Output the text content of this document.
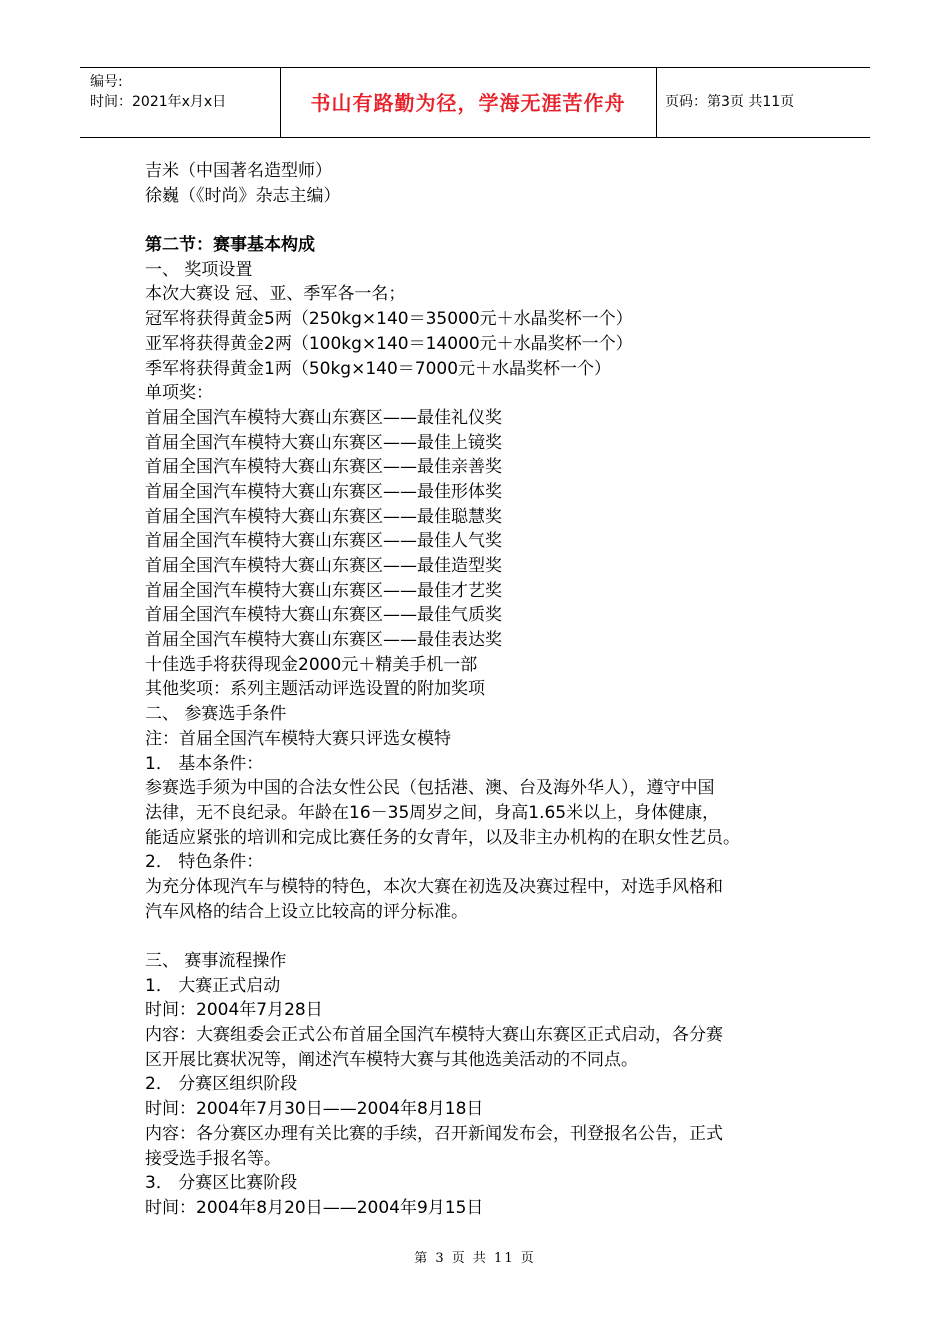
编号:
时间：2021年x月x日	书山有路勤为径，学海无涯苦作舟	页码：第3页 共11页
吉米（中国著名造型师）
徐巍（《时尚》杂志主编）
第二节：赛事基本构成
一、 奖项设置
本次大赛设 冠、亚、季军各一名；
冠军将获得黄金5两（250kg×140＝35000元＋水晶奖杯一个）
亚军将获得黄金2两（100kg×140＝14000元＋水晶奖杯一个）
季军将获得黄金1两（50kg×140＝7000元＋水晶奖杯一个）
单项奖：
首届全国汽车模特大赛山东赛区——最佳礼仪奖
首届全国汽车模特大赛山东赛区——最佳上镜奖
首届全国汽车模特大赛山东赛区——最佳亲善奖
首届全国汽车模特大赛山东赛区——最佳形体奖
首届全国汽车模特大赛山东赛区——最佳聪慧奖
首届全国汽车模特大赛山东赛区——最佳人气奖
首届全国汽车模特大赛山东赛区——最佳造型奖
首届全国汽车模特大赛山东赛区——最佳才艺奖
首届全国汽车模特大赛山东赛区——最佳气质奖
首届全国汽车模特大赛山东赛区——最佳表达奖
十佳选手将获得现金2000元＋精美手机一部
其他奖项：系列主题活动评选设置的附加奖项
二、 参赛选手条件
注：首届全国汽车模特大赛只评选女模特
1． 基本条件：
参赛选手须为中国的合法女性公民（包括港、澳、台及海外华人），遵守中国
法律，无不良纪录。年龄在16－35周岁之间，身高1.65米以上，身体健康，
能适应紧张的培训和完成比赛任务的女青年，以及非主办机构的在职女性艺员。
2． 特色条件：
为充分体现汽车与模特的特色，本次大赛在初选及决赛过程中，对选手风格和
汽车风格的结合上设立比较高的评分标准。
三、 赛事流程操作
1． 大赛正式启动
时间：2004年7月28日
内容：大赛组委会正式公布首届全国汽车模特大赛山东赛区正式启动，各分赛
区开展比赛状况等，阐述汽车模特大赛与其他选美活动的不同点。
2． 分赛区组织阶段
时间：2004年7月30日——2004年8月18日
内容：各分赛区办理有关比赛的手续，召开新闻发布会，刊登报名公告，正式
接受选手报名等。
3． 分赛区比赛阶段
时间：2004年8月20日——2004年9月15日
第 3 页 共 11 页
